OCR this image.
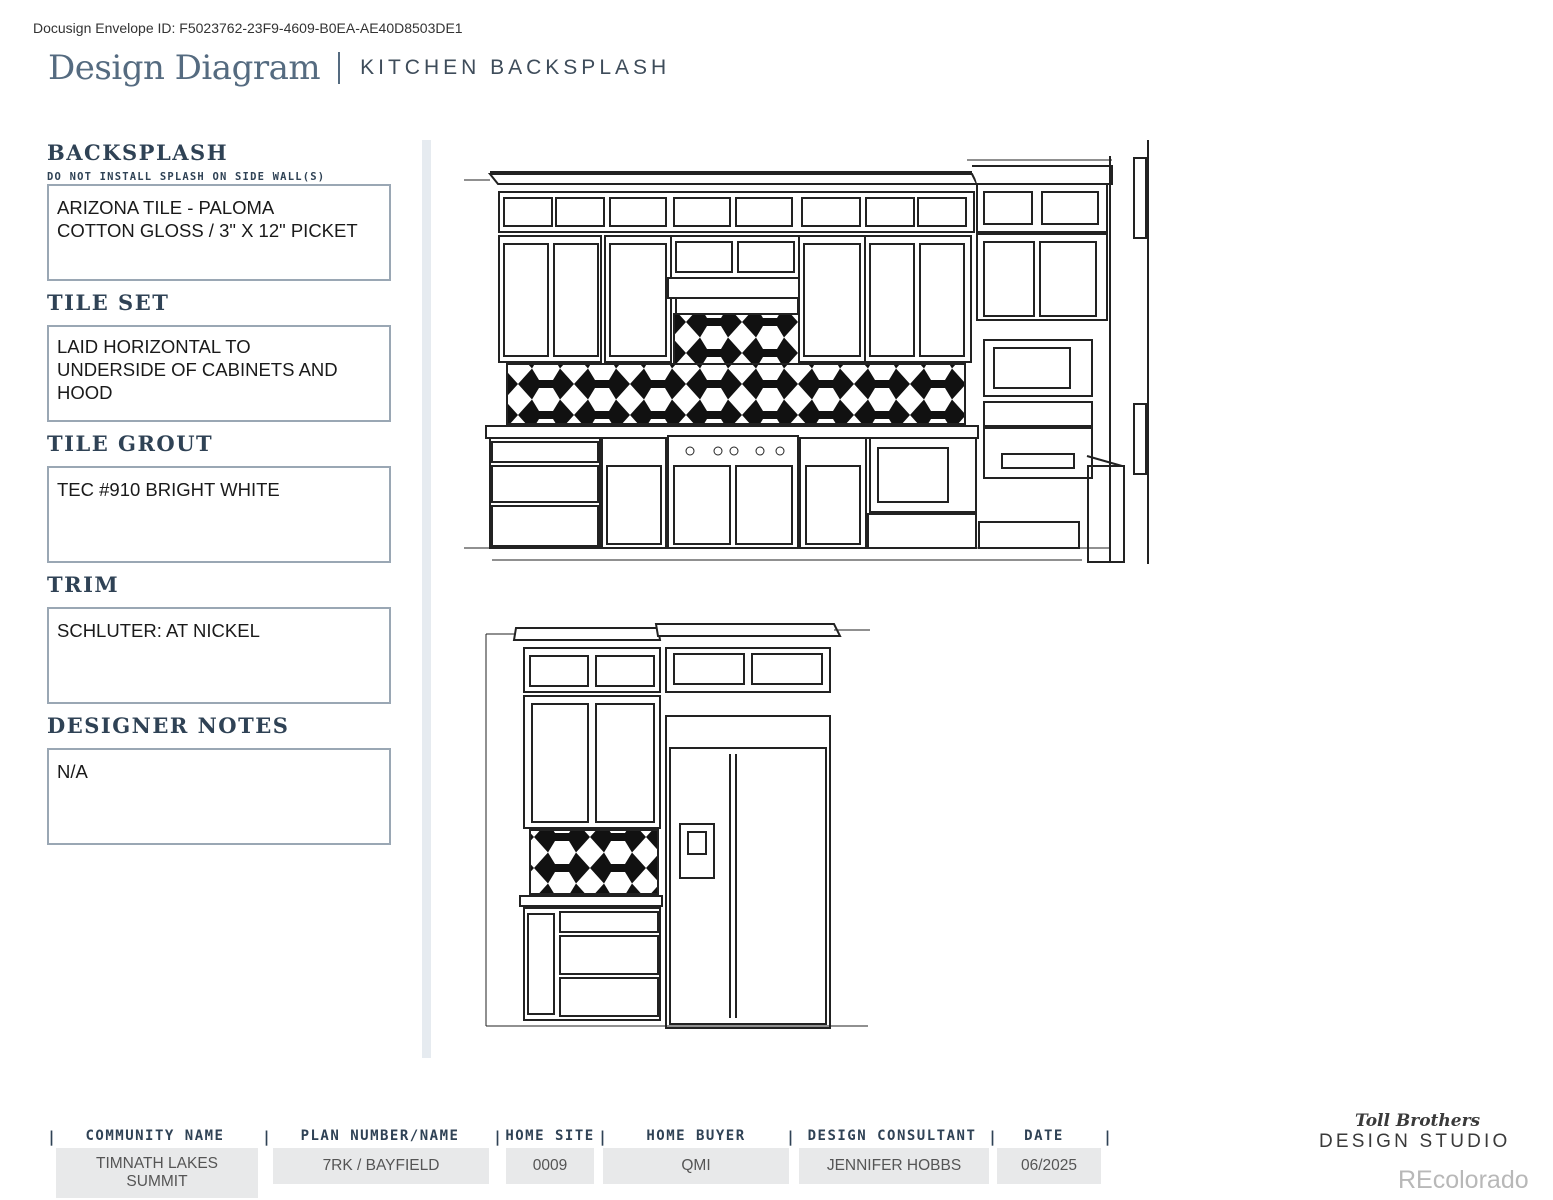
Docusign Envelope ID: F5023762-23F9-4609-B0EA-AE40D8503DE1
Design Diagram KITCHEN BACKSPLASH
BACKSPLASH
DO NOT INSTALL SPLASH ON SIDE WALL(S)
ARIZONA TILE - PALOMA
COTTON GLOSS / 3" X 12" PICKET
TILE SET
LAID HORIZONTAL TO
UNDERSIDE OF CABINETS AND
HOOD
TILE GROUT
TEC #910 BRIGHT WHITE
TRIM
SCHLUTER: AT NICKEL
DESIGNER NOTES
N/A
|	COMMUNITY NAME	|	PLAN NUMBER/NAME	| HOME SITE |	HOME BUYER	| DESIGN CONSULTANT |	DATE	|
TIMNATH LAKES
SUMMIT
7RK / BAYFIELD	0009	QMI	JENNIFER HOBBS	06/2025
Toll Brothers
DESIGN STUDIO
REcolorado
